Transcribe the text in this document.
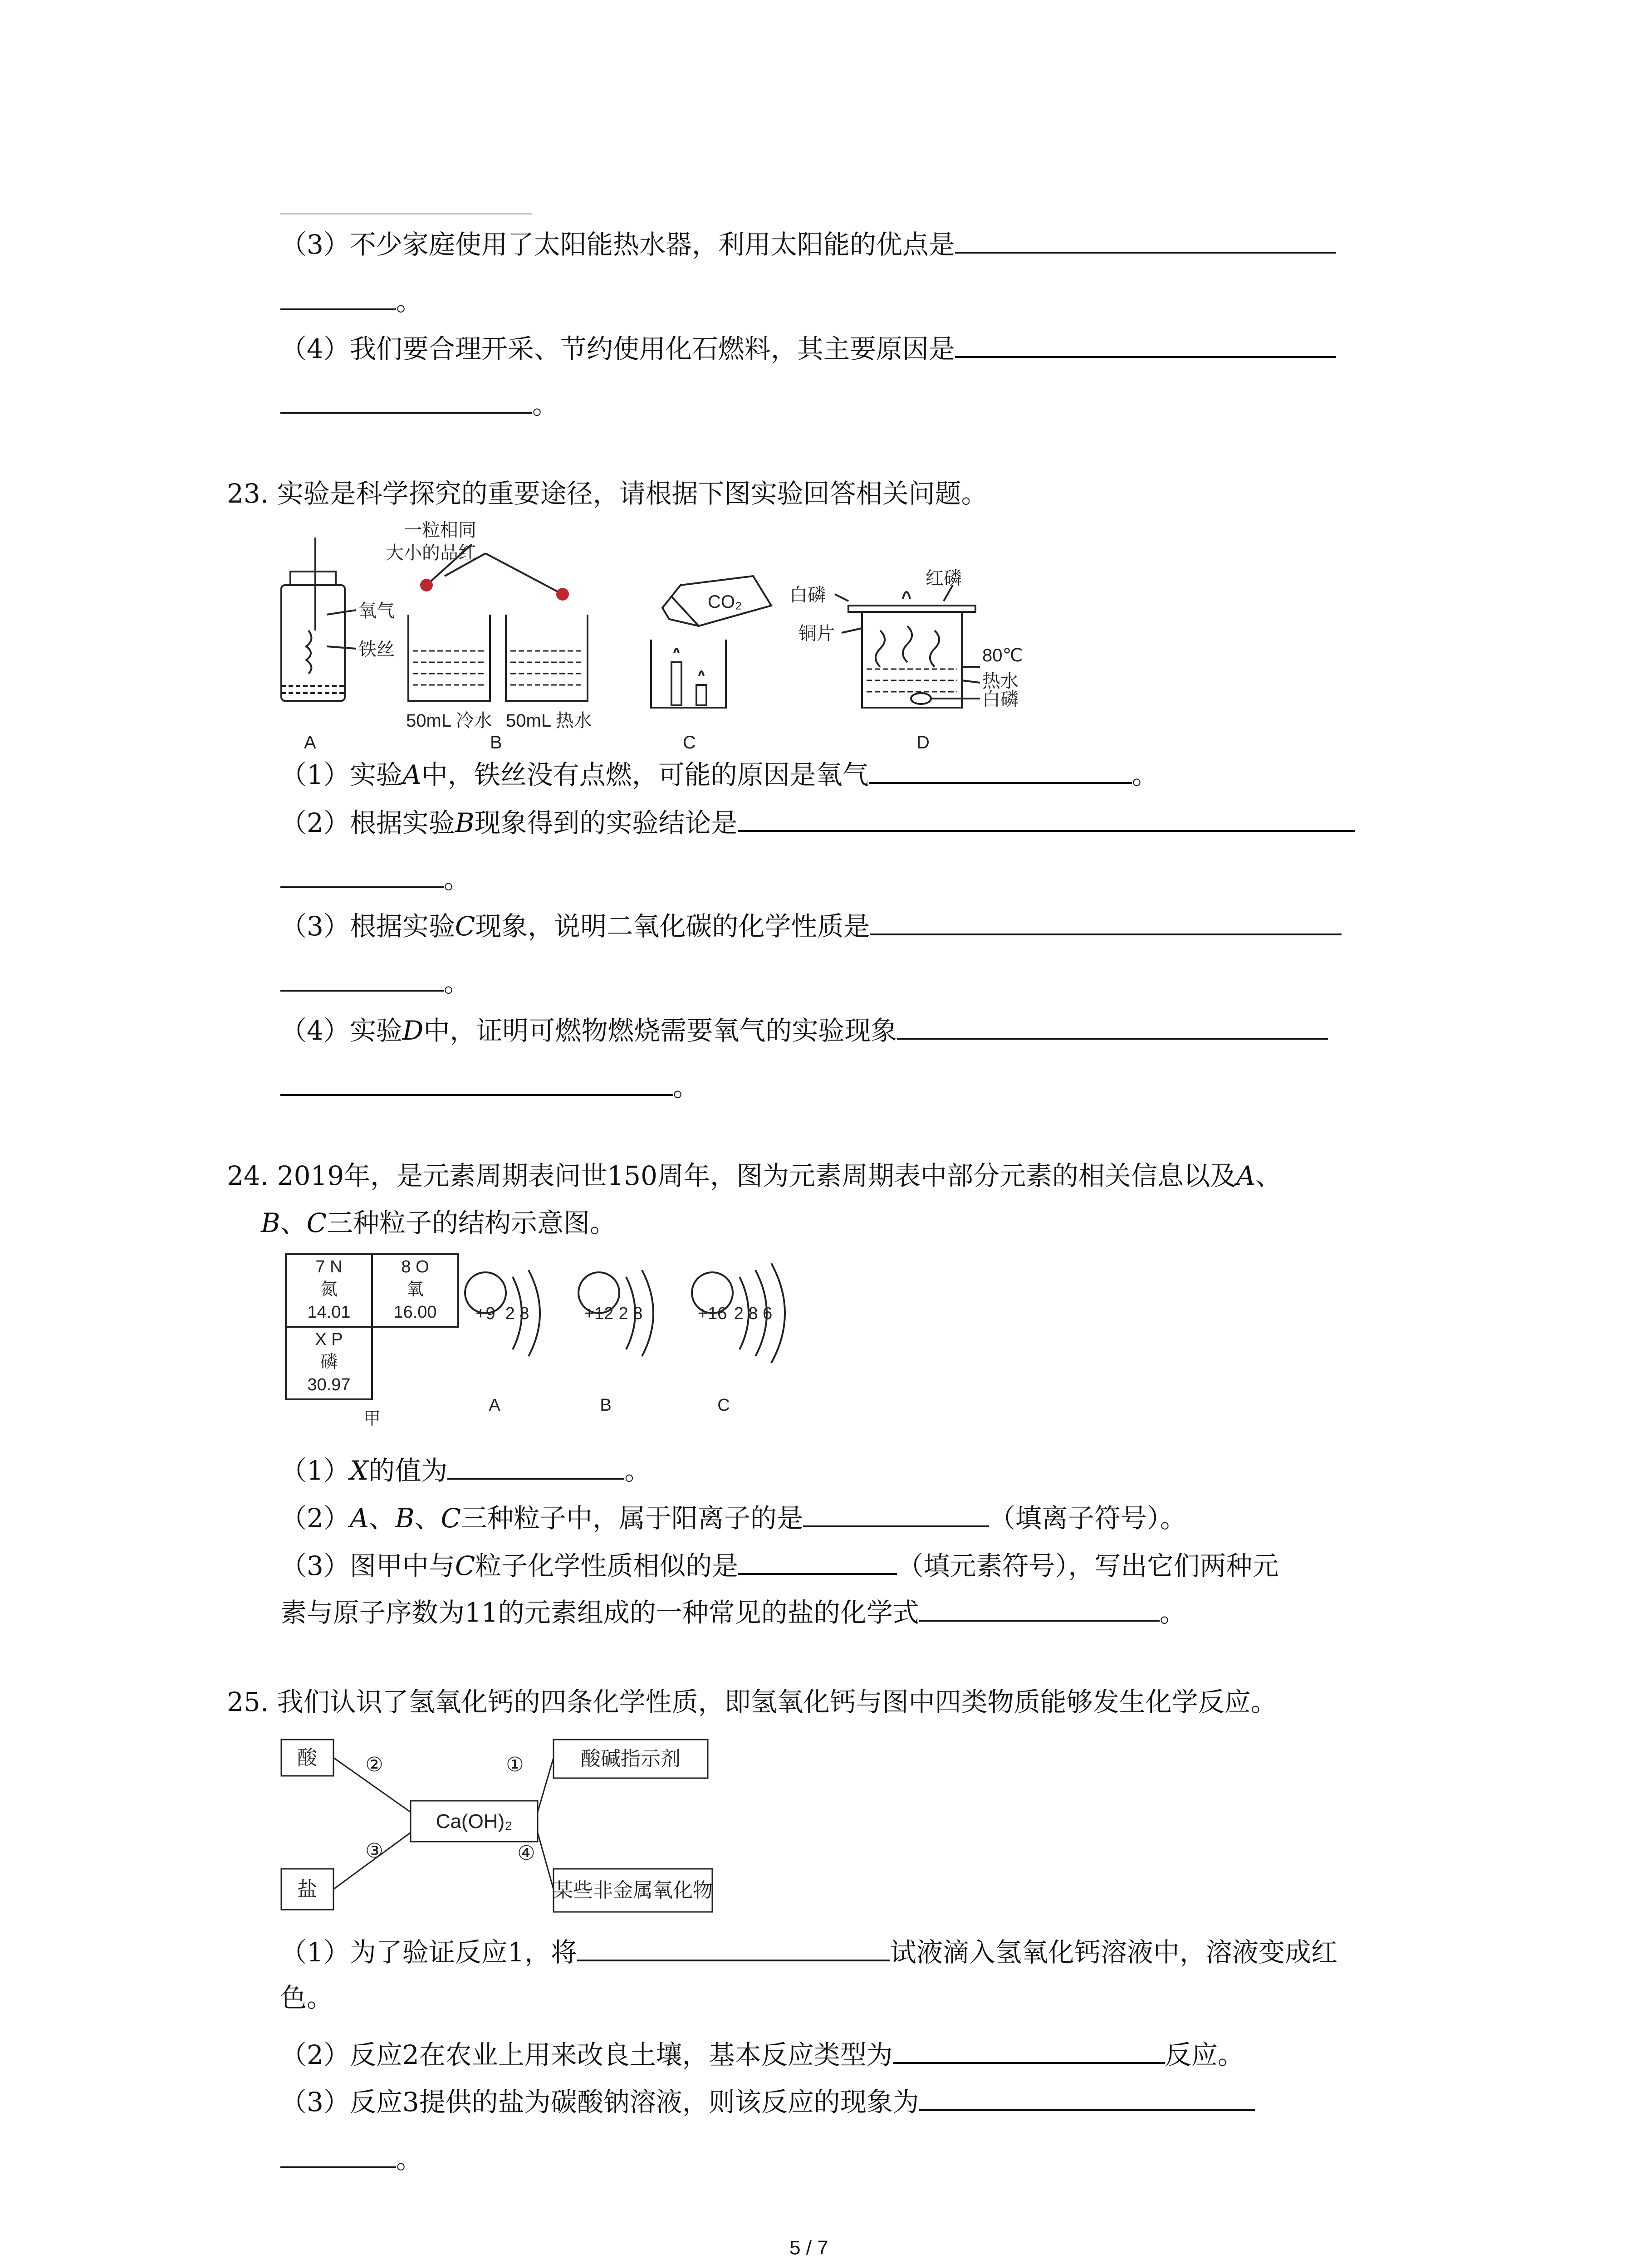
（3）不少家庭使用了太阳能热水器，利用太阳能的优点是
。
（4）我们要合理开采、节约使用化石燃料，其主要原因是
。
23. 实验是科学探究的重要途径，请根据下图实验回答相关问题。
氧气
铁丝
一粒相同
大小的品红
50mL 冷水 50mL 热水
CO₂
红磷
白磷
铜片
80℃
热水
白磷
A	B	C	D
（1）实验A中，铁丝没有点燃，可能的原因是氧气	。
（2）根据实验B现象得到的实验结论是
。
（3）根据实验C现象，说明二氧化碳的化学性质是
。
（4）实验D中，证明可燃物燃烧需要氧气的实验现象
。
24. 2019年，是元素周期表问世150周年，图为元素周期表中部分元素的相关信息以及A、
B、C三种粒子的结构示意图。
7 N
氮
14.01
8 O
氧
16.00
X P
磷
30.97
甲
+9 2 8
A
+12 2 8
B
+16 2 8 6
C
（1）X的值为	。
（2）A、B、C三种粒子中，属于阳离子的是	（填离子符号）。
（3）图甲中与C粒子化学性质相似的是	（填元素符号），写出它们两种元
素与原子序数为11的元素组成的一种常见的盐的化学式	。
25. 我们认识了氢氧化钙的四条化学性质，即氢氧化钙与图中四类物质能够发生化学反应。
酸	酸碱指示剂
Ca(OH)₂
盐	某些非金属氧化物
②	①
③	④
（1）为了验证反应1，将	试液滴入氢氧化钙溶液中，溶液变成红
色。
（2）反应2在农业上用来改良土壤，基本反应类型为	反应。
（3）反应3提供的盐为碳酸钠溶液，则该反应的现象为
。
5 / 7
